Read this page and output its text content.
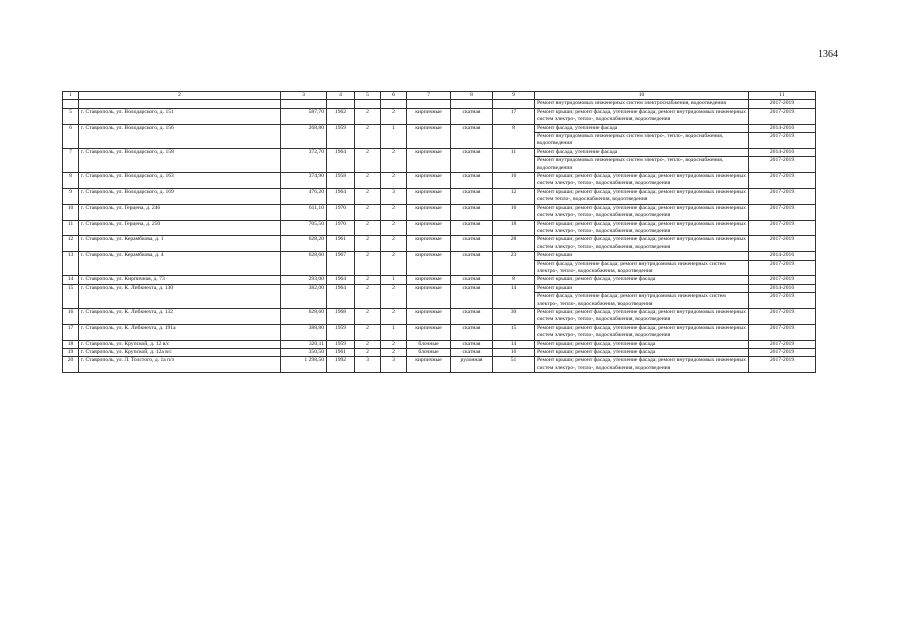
1364
1	2	3	4	5	6	7	8	9	10	11
									Ремонт внутридомовых инженерных систем электроснабжения, водоотведения	2017-2019
5	г. Ставрополь, ул. Володарского, д. 151	587,70	1962	2	2	кирпичные	скатная	17	Ремонт крыши; ремонт фасада, утепление фасада; ремонт внутридомовых инженерных систем электро-, тепло-, водоснабжения, водоотведения	2017-2019
6	г. Ставрополь, ул. Володарского, д. 156	268,80	1959	2	1	кирпичные	скатная	8	Ремонт фасада, утепление фасада	2014-2016
									Ремонт внутридомовых инженерных систем электро-, тепло-, водоснабжения, водоотведения	2017-2019
7	г. Ставрополь, ул. Володарского, д. 158	372,70	1964	2	2	кирпичные	скатная	11	Ремонт фасада, утепление фасада	2014-2016
									Ремонт внутридомовых инженерных систем электро-, тепло-, водоснабжения, водоотведения	2017-2019
8	г. Ставрополь, ул. Володарского, д. 163	374,90	1958	2	2	кирпичные	скатная	16	Ремонт крыши; ремонт фасада, утепление фасада; ремонт внутридомовых инженерных систем электро-, тепло-, водоснабжения, водоотведения	2017-2019
9	г. Ставрополь, ул. Володарского, д. 169	476,20	1964	2	3	кирпичные	скатная	12	Ремонт крыши; ремонт фасада, утепление фасада; ремонт внутридомовых инженерных систем тепло-, водоснабжения, водоотведения	2017-2019
10	г. Ставрополь, ул. Герцена, д. 246	611,10	1970	2	2	кирпичные	скатная	16	Ремонт крыши; ремонт фасада, утепление фасада; ремонт внутридомовых инженерных систем электро-, тепло-, водоснабжения, водоотведения	2017-2019
11	г. Ставрополь, ул. Герцена, д. 250	705,50	1970	2	2	кирпичные	скатная	18	Ремонт крыши; ремонт фасада, утепление фасада; ремонт внутридомовых инженерных систем электро-, тепло-, водоснабжения, водоотведения	2017-2019
12	г. Ставрополь, ул. Керамбкова, д. 1	628,20	1961	2	2	кирпичные	скатная	28	Ремонт крыши; ремонт фасада, утепление фасада; ремонт внутридомовых инженерных систем электро-, тепло-, водоснабжения, водоотведения	2017-2019
13	г. Ставрополь, ул. Керамбкова, д. 4	628,60	1967	2	2	кирпичные	скатная	23	Ремонт крыши	2014-2016
									Ремонт фасада, утепление фасада; ремонт внутридомовых инженерных систем электро-, тепло-, водоснабжения, водоотведения	2017-2019
14	г. Ставрополь, ул. Кирпичная, д. 73	293,00	1964	2	1	кирпичные	скатная	8	Ремонт крыши; ремонт фасада, утепление фасада	2017-2019
15	г. Ставрополь, ул. К. Либкнехта, д. 130	382,00	1964	2	2	кирпичные	скатная	14	Ремонт крыши	2014-2016
									Ремонт фасада, утепление фасада; ремонт внутридомовых инженерных систем электро-, тепло-, водоснабжения, водоотведения	2017-2019
16	г. Ставрополь, ул. К. Либкнехта, д. 132	628,60	1968	2	2	кирпичные	скатная	30	Ремонт крыши; ремонт фасада, утепление фасада; ремонт внутридомовых инженерных систем электро-, тепло-, водоснабжения, водоотведения	2017-2019
17	г. Ставрополь, ул. К. Либкнехта, д. 191а	388,80	1959	2	1	кирпичные	скатная	15	Ремонт крыши; ремонт фасада, утепление фасада; ремонт внутридомовых инженерных систем электро-, тепло-, водоснабжения, водоотведения	2017-2019
18	г. Ставрополь, ул. Крупской, д. 12 в/с	320,11	1959	2	2	блочные	скатная	14	Ремонт крыши; ремонт фасада, утепление фасада	2017-2019
19	г. Ставрополь, ул. Крупской, д. 12а в/с	350,50	1961	2	2	блочные	скатная	16	Ремонт крыши; ремонт фасада, утепление фасада	2017-2019
20	г. Ставрополь, ул. Л. Толстого, д. 1а п/з	1 298,50	1992	3	3	кирпичные	рулонная	51	Ремонт крыши; ремонт фасада, утепление фасада; ремонт внутридомовых инженерных систем электро-, тепло-, водоснабжения, водоотведения	2017-2019
